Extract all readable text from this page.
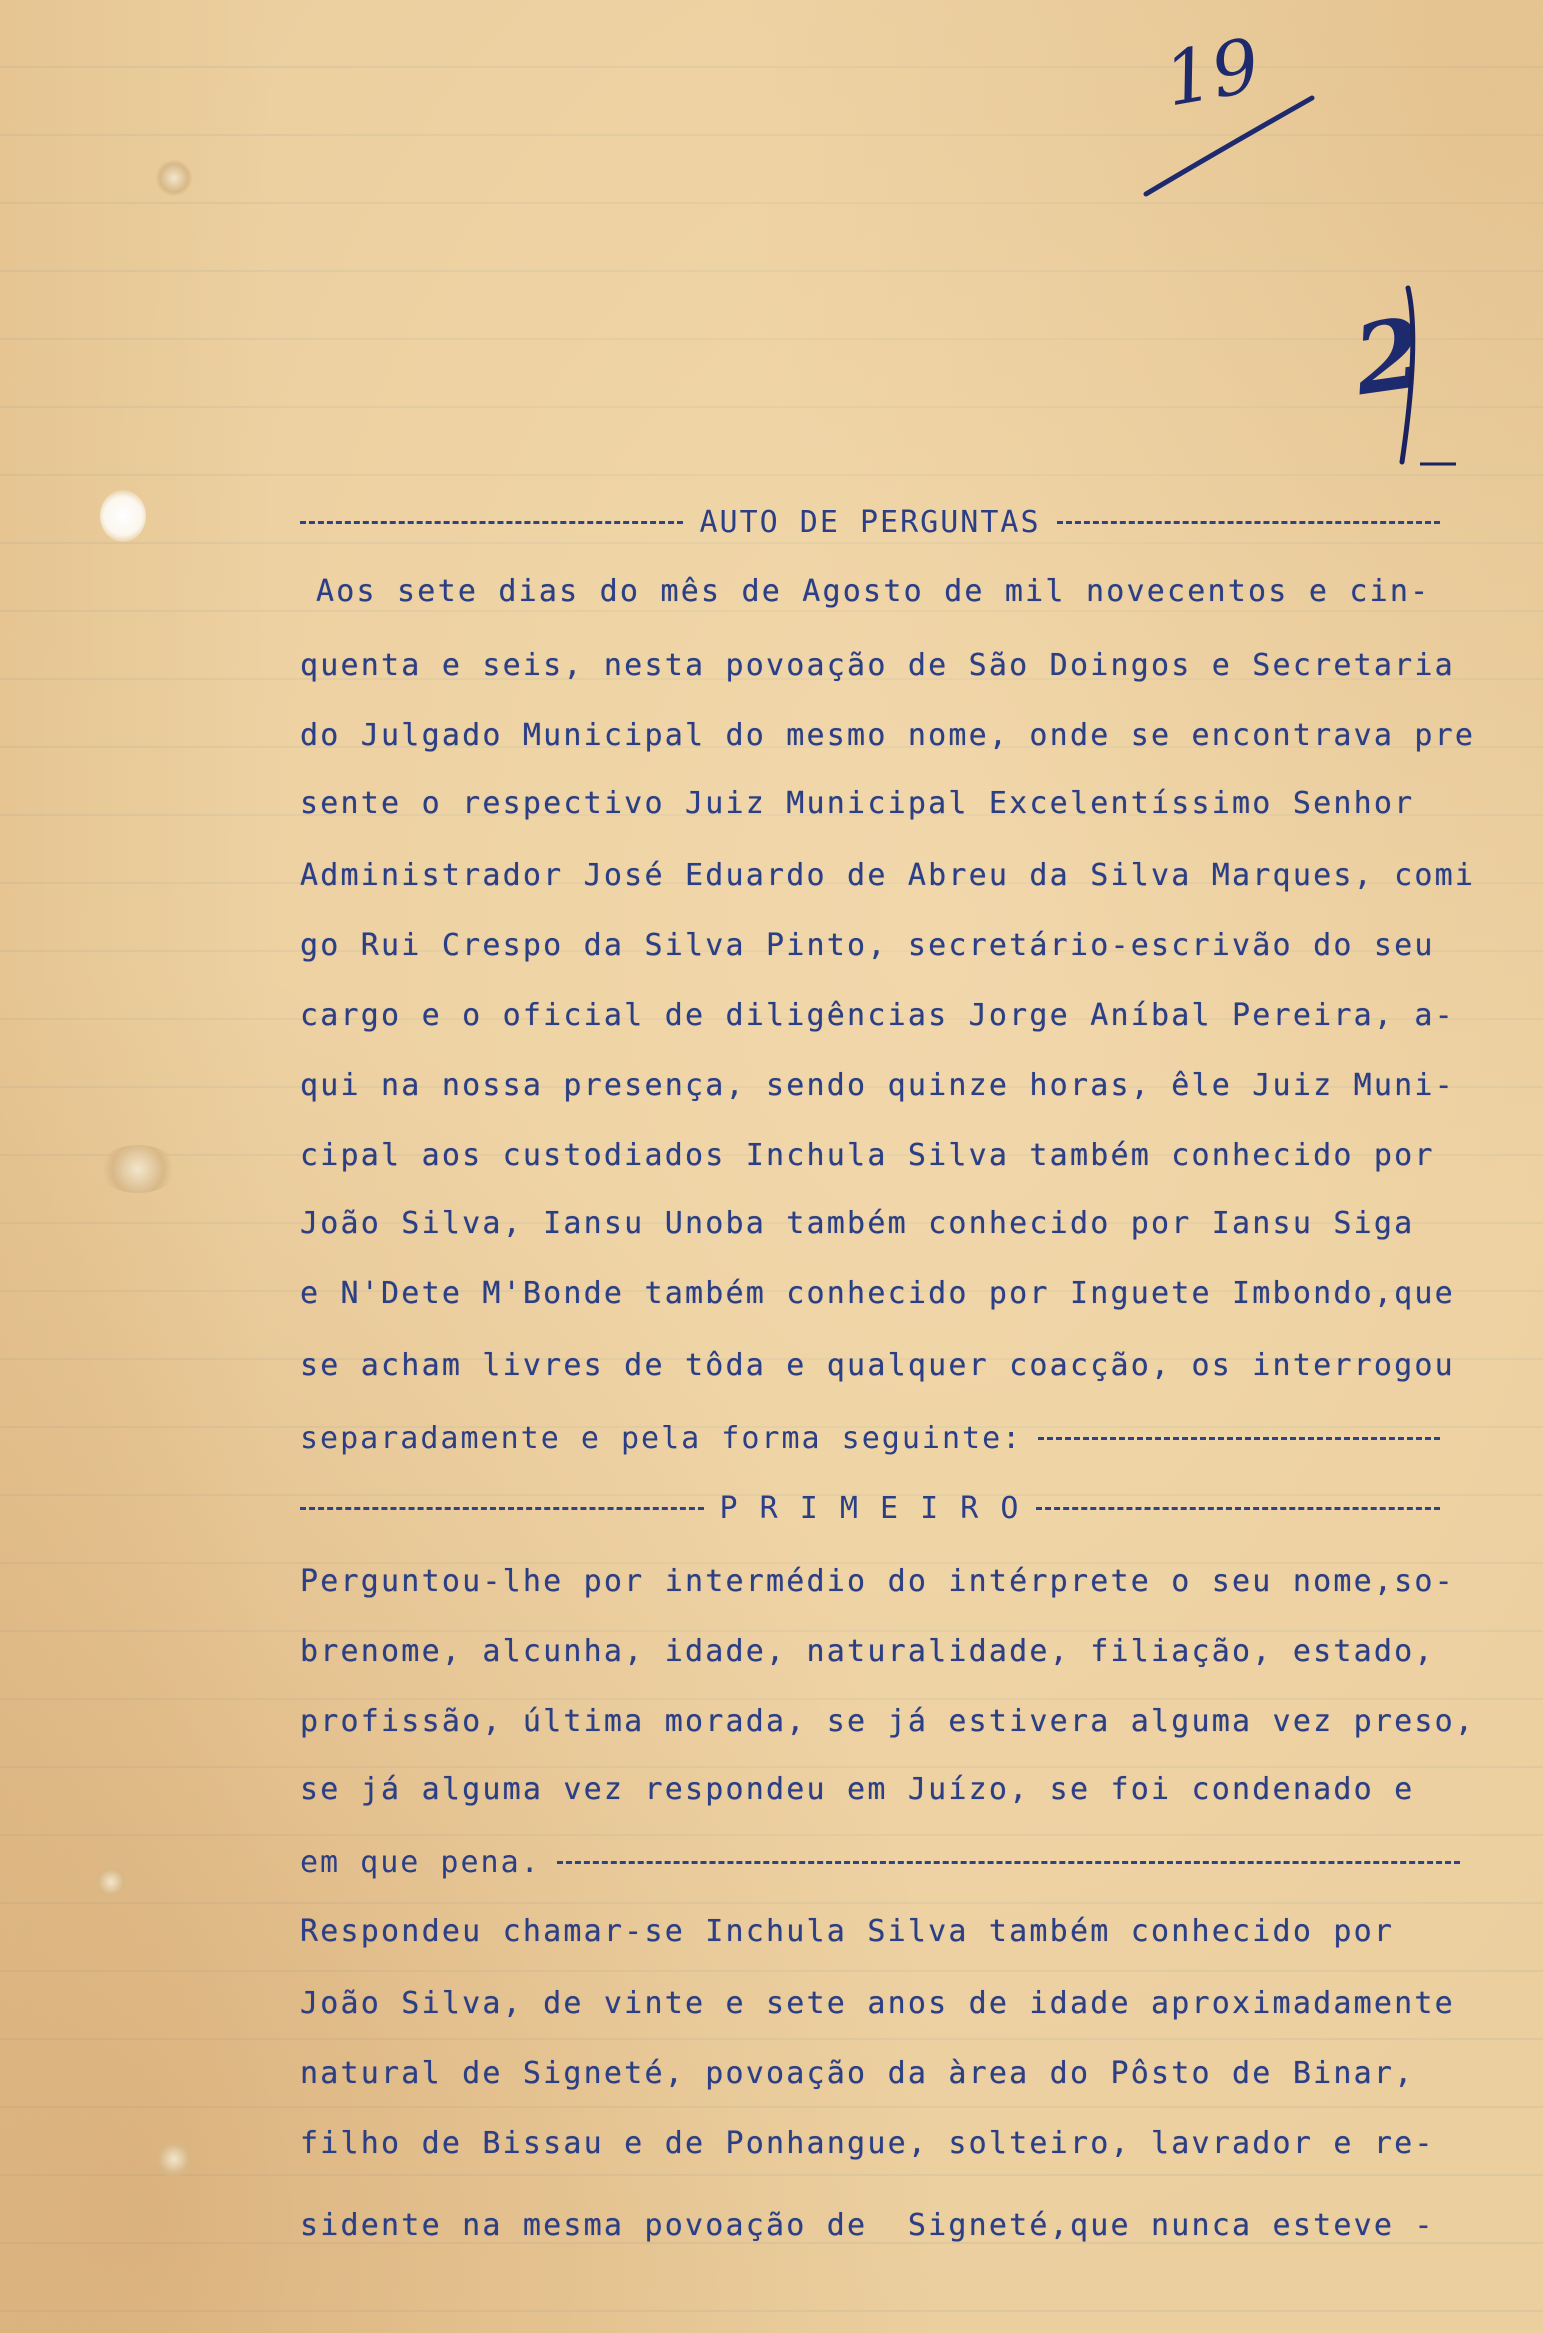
19
2
AUTO DE PERGUNTAS
Aos sete dias do mês de Agosto de mil novecentos e cin-
quenta e seis, nesta povoação de São Doingos e Secretaria
do Julgado Municipal do mesmo nome, onde se encontrava pre
sente o respectivo Juiz Municipal Excelentíssimo Senhor
Administrador José Eduardo de Abreu da Silva Marques, comi
go Rui Crespo da Silva Pinto, secretário-escrivão do seu
cargo e o oficial de diligências Jorge Aníbal Pereira, a-
qui na nossa presença, sendo quinze horas, êle Juiz Muni-
cipal aos custodiados Inchula Silva também conhecido por
João Silva, Iansu Unoba também conhecido por Iansu Siga
e N'Dete M'Bonde também conhecido por Inguete Imbondo,que
se acham livres de tôda e qualquer coacção, os interrogou
separadamente e pela forma seguinte:
P R I M E I R O
Perguntou-lhe por intermédio do intérprete o seu nome,so-
brenome, alcunha, idade, naturalidade, filiação, estado,
profissão, última morada, se já estivera alguma vez preso,
se já alguma vez respondeu em Juízo, se foi condenado e
em que pena.
Respondeu chamar-se Inchula Silva também conhecido por
João Silva, de vinte e sete anos de idade aproximadamente
natural de Signeté, povoação da àrea do Pôsto de Binar,
filho de Bissau e de Ponhangue, solteiro, lavrador e re-
sidente na mesma povoação de  Signeté,que nunca esteve -
